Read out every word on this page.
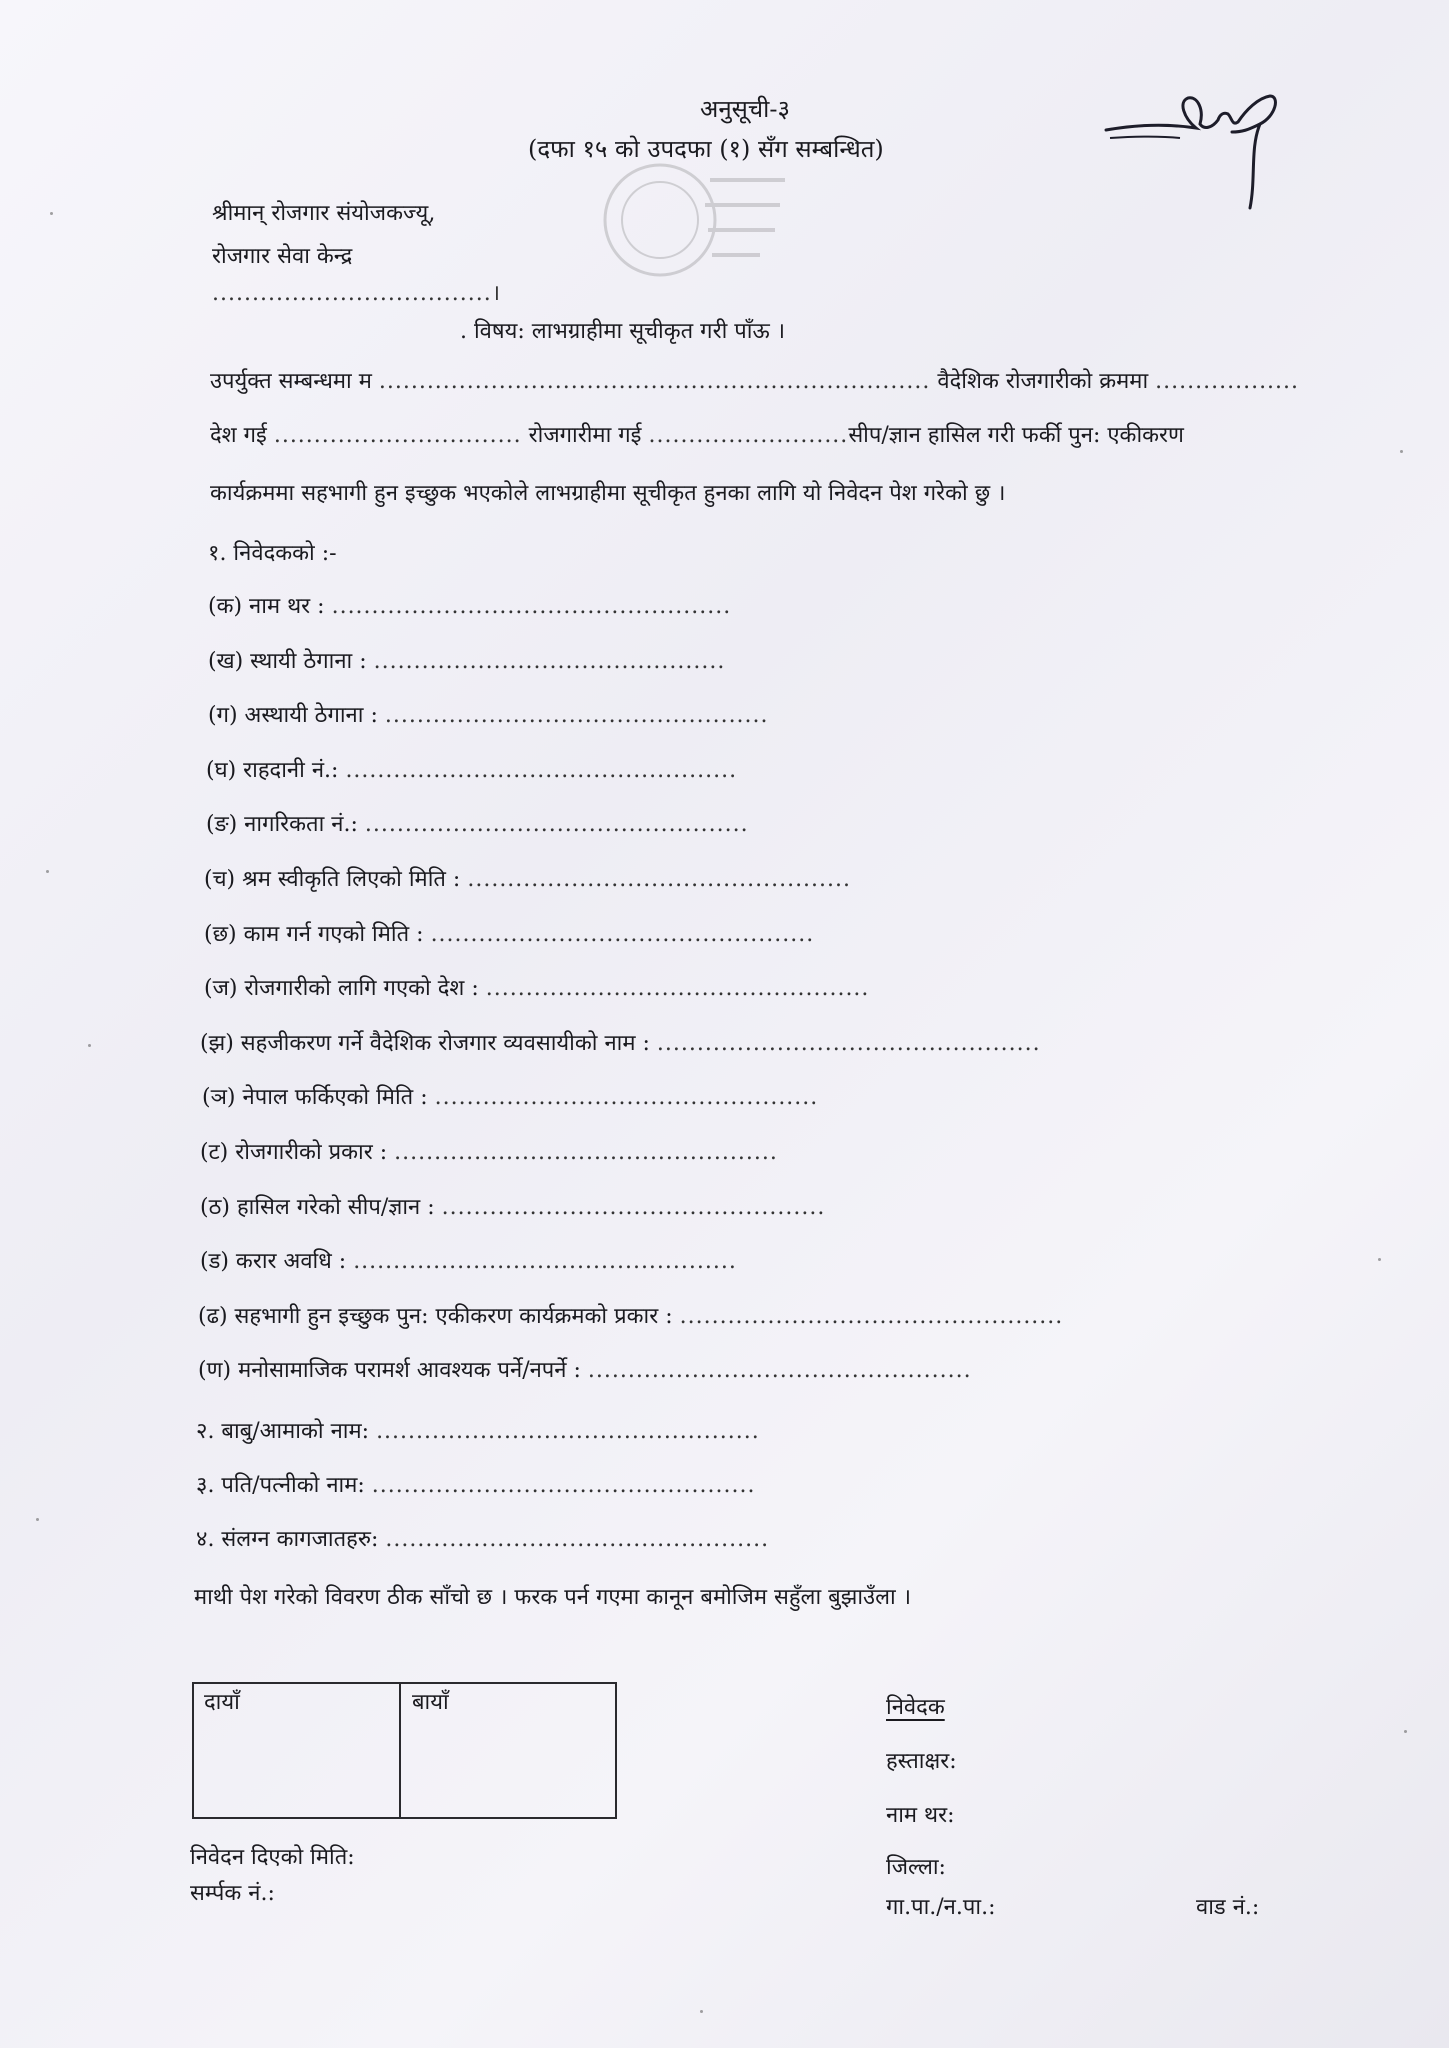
अनुसूची-३
(दफा १५ को उपदफा (१) सँग सम्बन्धित)
श्रीमान् रोजगार संयोजकज्यू,
रोजगार सेवा केन्द्र
...................................।
. विषय: लाभग्राहीमा सूचीकृत गरी पाँऊ ।
उपर्युक्त सम्बन्धमा म ..................................................................... वैदेशिक रोजगारीको क्रममा ..................
देश गई ............................... रोजगारीमा गई .........................सीप/ज्ञान हासिल गरी फर्की पुन: एकीकरण
कार्यक्रममा सहभागी हुन इच्छुक भएकोले लाभग्राहीमा सूचीकृत हुनका लागि यो निवेदन पेश गरेको छु ।
१. निवेदकको :-
(क) नाम थर : ..................................................
(ख) स्थायी ठेगाना : ............................................
(ग) अस्थायी ठेगाना : ................................................
(घ) राहदानी नं.: .................................................
(ङ) नागरिकता नं.: ................................................
(च) श्रम स्वीकृति लिएको मिति : ................................................
(छ) काम गर्न गएको मिति : ................................................
(ज) रोजगारीको लागि गएको देश : ................................................
(झ) सहजीकरण गर्ने वैदेशिक रोजगार व्यवसायीको नाम : ................................................
(ञ) नेपाल फर्किएको मिति : ................................................
(ट) रोजगारीको प्रकार : ................................................
(ठ) हासिल गरेको सीप/ज्ञान : ................................................
(ड) करार अवधि : ................................................
(ढ) सहभागी हुन इच्छुक पुन: एकीकरण कार्यक्रमको प्रकार : ................................................
(ण) मनोसामाजिक परामर्श आवश्यक पर्ने/नपर्ने : ................................................
२. बाबु/आमाको नाम: ................................................
३. पति/पत्नीको नाम: ................................................
४. संलग्न कागजातहरु: ................................................
माथी पेश गरेको विवरण ठीक साँचो छ । फरक पर्न गएमा कानून बमोजिम सहुँला बुझाउँला ।
दायाँ	बायाँ	निवेदक
हस्ताक्षर:
नाम थर:
जिल्ला:
गा.पा./न.पा.:	वाड नं.:
निवेदन दिएको मिति:
सर्म्पक नं.:
